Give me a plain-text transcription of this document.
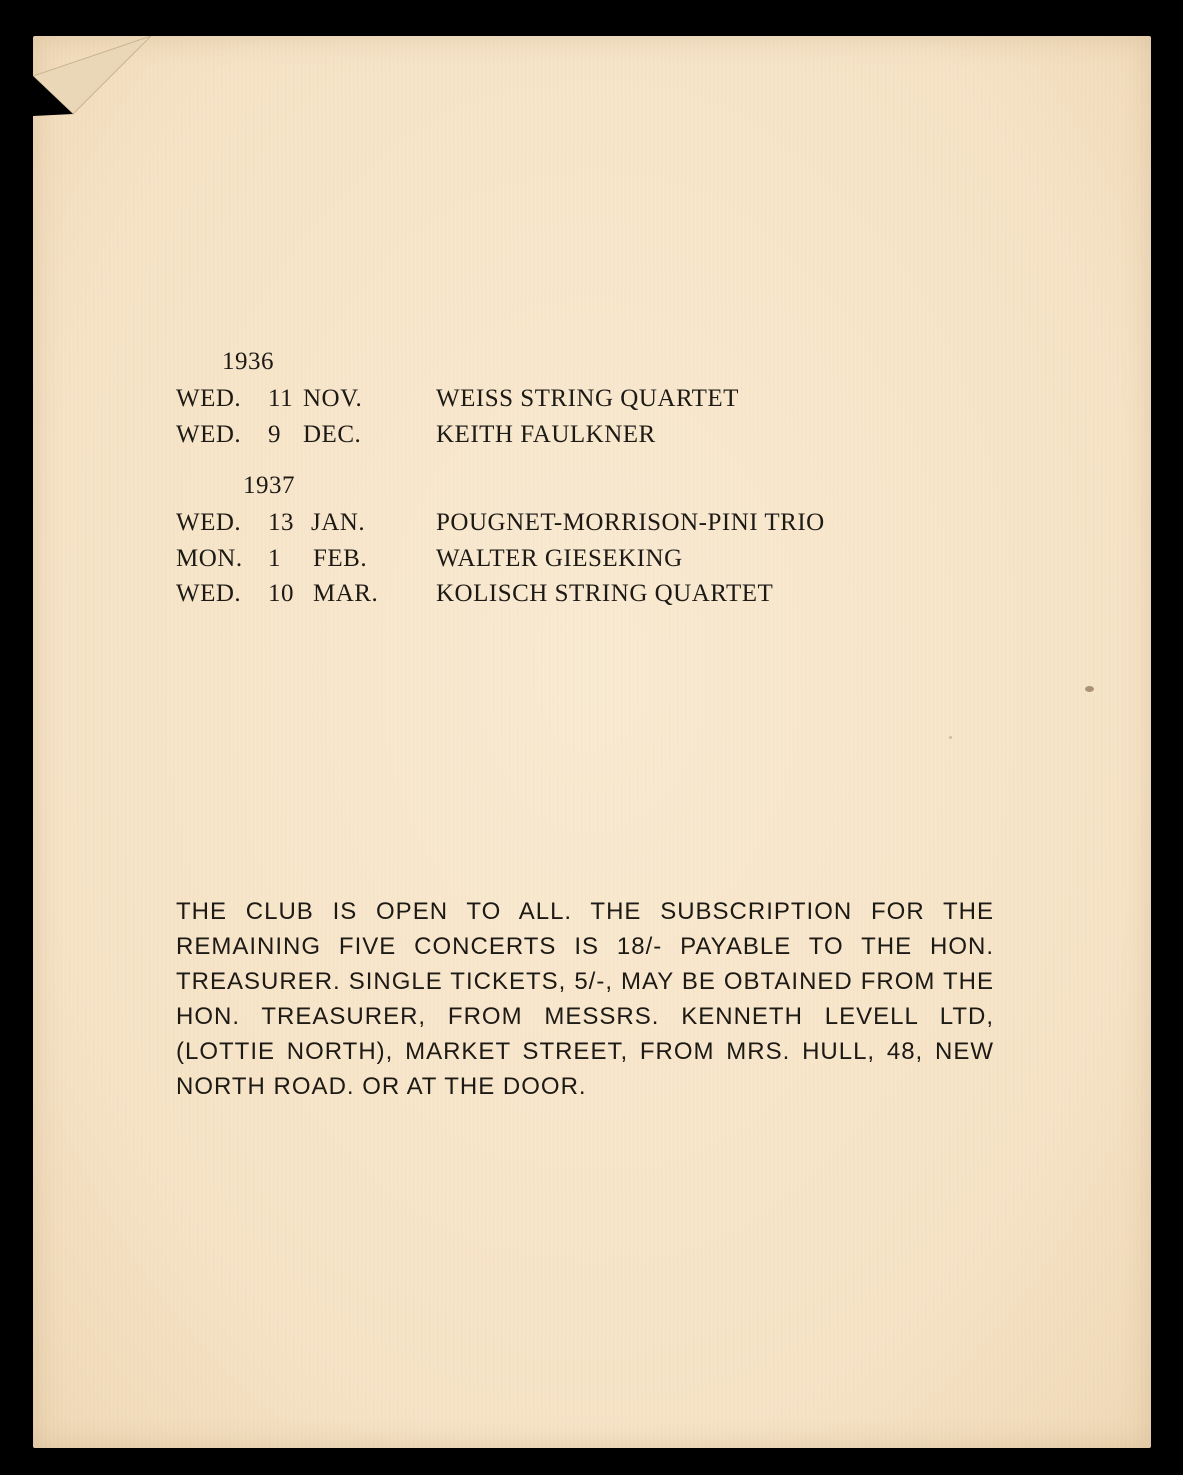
1936
WED. 11 NOV.	WEISS STRING QUARTET
WED. 9 DEC.	KEITH FAULKNER
1937
WED. 13 JAN.	POUGNET-MORRISON-PINI TRIO
MON. 1 FEB.	WALTER GIESEKING
WED. 10 MAR. KOLISCH STRING QUARTET
THE CLUB IS OPEN TO ALL. THE SUBSCRIPTION FOR THE REMAINING FIVE CONCERTS IS 18/- PAYABLE TO THE HON. TREASURER. SINGLE TICKETS, 5/-, MAY BE OBTAINED FROM THE HON. TREASURER, FROM MESSRS. KENNETH LEVELL LTD, (LOTTIE NORTH), MARKET STREET, FROM MRS. HULL, 48, NEW NORTH ROAD. OR AT THE DOOR.
